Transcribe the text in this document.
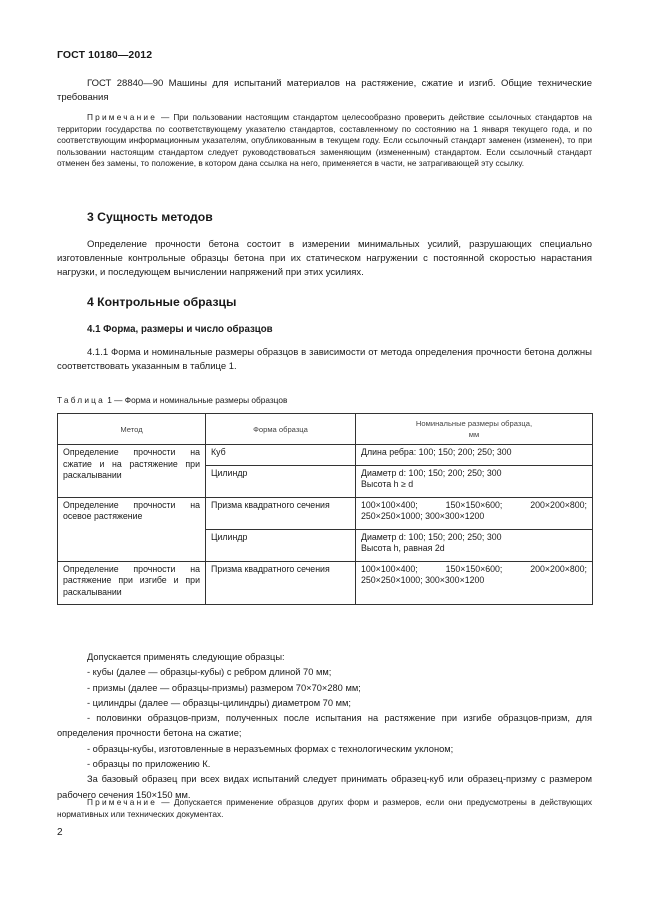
ГОСТ 10180—2012

ГОСТ 28840—90 Машины для испытаний материалов на растяжение, сжатие и изгиб. Общие технические требования

Примечание — При пользовании настоящим стандартом целесообразно проверить действие ссылочных стандартов на территории государства по соответствующему указателю стандартов, составленному по состоянию на 1 января текущего года, и по соответствующим информационным указателям, опубликованным в текущем году. Если ссылочный стандарт заменен (изменен), то при пользовании настоящим стандартом следует руководствоваться заменяющим (измененным) стандартом. Если ссылочный стандарт отменен без замены, то положение, в котором дана ссылка на него, применяется в части, не затрагивающей эту ссылку.

3 Сущность методов

Определение прочности бетона состоит в измерении минимальных усилий, разрушающих специально изготовленные контрольные образцы бетона при их статическом нагружении с постоянной скоростью нарастания нагрузки, и последующем вычислении напряжений при этих усилиях.

4 Контрольные образцы
4.1 Форма, размеры и число образцов

4.1.1 Форма и номинальные размеры образцов в зависимости от метода определения прочности бетона должны соответствовать указанным в таблице 1.

Таблица 1 — Форма и номинальные размеры образцов
Метод	Форма образца	Номинальные размеры образца, мм
Определение прочности на сжатие и на растяжение при раскалывании	Куб	Длина ребра: 100; 150; 200; 250; 300

	Цилиндр	Диаметр d: 100; 150; 200; 250; 300
Высота h ≥ d

Определение прочности на осевое растяжение	Призма квадратного сечения	100×100×400; 150×150×600; 200×200×800; 250×250×1000; 300×300×1200

	Цилиндр	Диаметр d: 100; 150; 200; 250; 300
Высота h, равная 2d

Определение прочности на растяжение при изгибе и при раскалывании	Призма квадратного сечения	100×100×400; 150×150×600; 200×200×800; 250×250×1000; 300×300×1200

Допускается применять следующие образцы:

- кубы (далее — образцы-кубы) с ребром длиной 70 мм;

- призмы (далее — образцы-призмы) размером 70×70×280 мм;

- цилиндры (далее — образцы-цилиндры) диаметром 70 мм;

- половинки образцов-призм, полученных после испытания на растяжение при изгибе образцов-призм, для определения прочности бетона на сжатие;

- образцы-кубы, изготовленные в неразъемных формах с технологическим уклоном;

- образцы по приложению К.

За базовый образец при всех видах испытаний следует принимать образец-куб или образец-призму с размером рабочего сечения 150×150 мм.

Примечание — Допускается применение образцов других форм и размеров, если они предусмотрены в действующих нормативных или технических документах.

2
